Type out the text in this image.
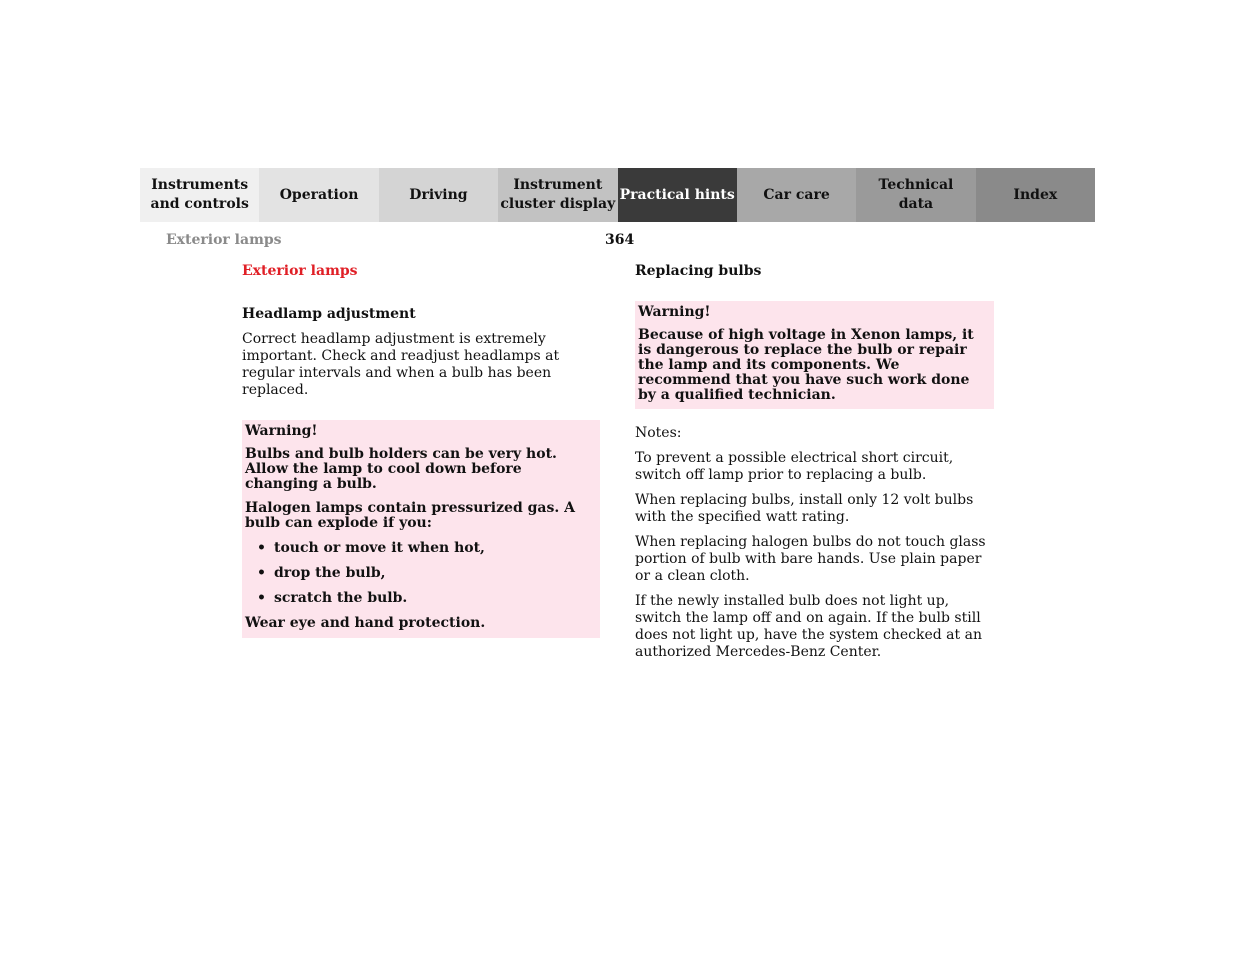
Instruments
and controls
Operation	Driving
Instrument
cluster display
Practical hints	Car care
Technical
data
Index
Exterior lamps	364
Exterior lamps
Headlamp adjustment

Correct headlamp adjustment is extremely important. Check and readjust headlamps at regular intervals and when a bulb has been replaced.

Warning!

Bulbs and bulb holders can be very hot. Allow the lamp to cool down before changing a bulb.

Halogen lamps contain pressurized gas. A bulb can explode if you:

• touch or move it when hot,
• drop the bulb,
• scratch the bulb.

Wear eye and hand protection.

Replacing bulbs

Warning!

Because of high voltage in Xenon lamps, it is dangerous to replace the bulb or repair the lamp and its components. We recommend that you have such work done by a qualified technician.

Notes:

To prevent a possible electrical short circuit, switch off lamp prior to replacing a bulb.

When replacing bulbs, install only 12 volt bulbs with the specified watt rating.

When replacing halogen bulbs do not touch glass portion of bulb with bare hands. Use plain paper or a clean cloth.

If the newly installed bulb does not light up, switch the lamp off and on again. If the bulb still does not light up, have the system checked at an authorized Mercedes-Benz Center.
